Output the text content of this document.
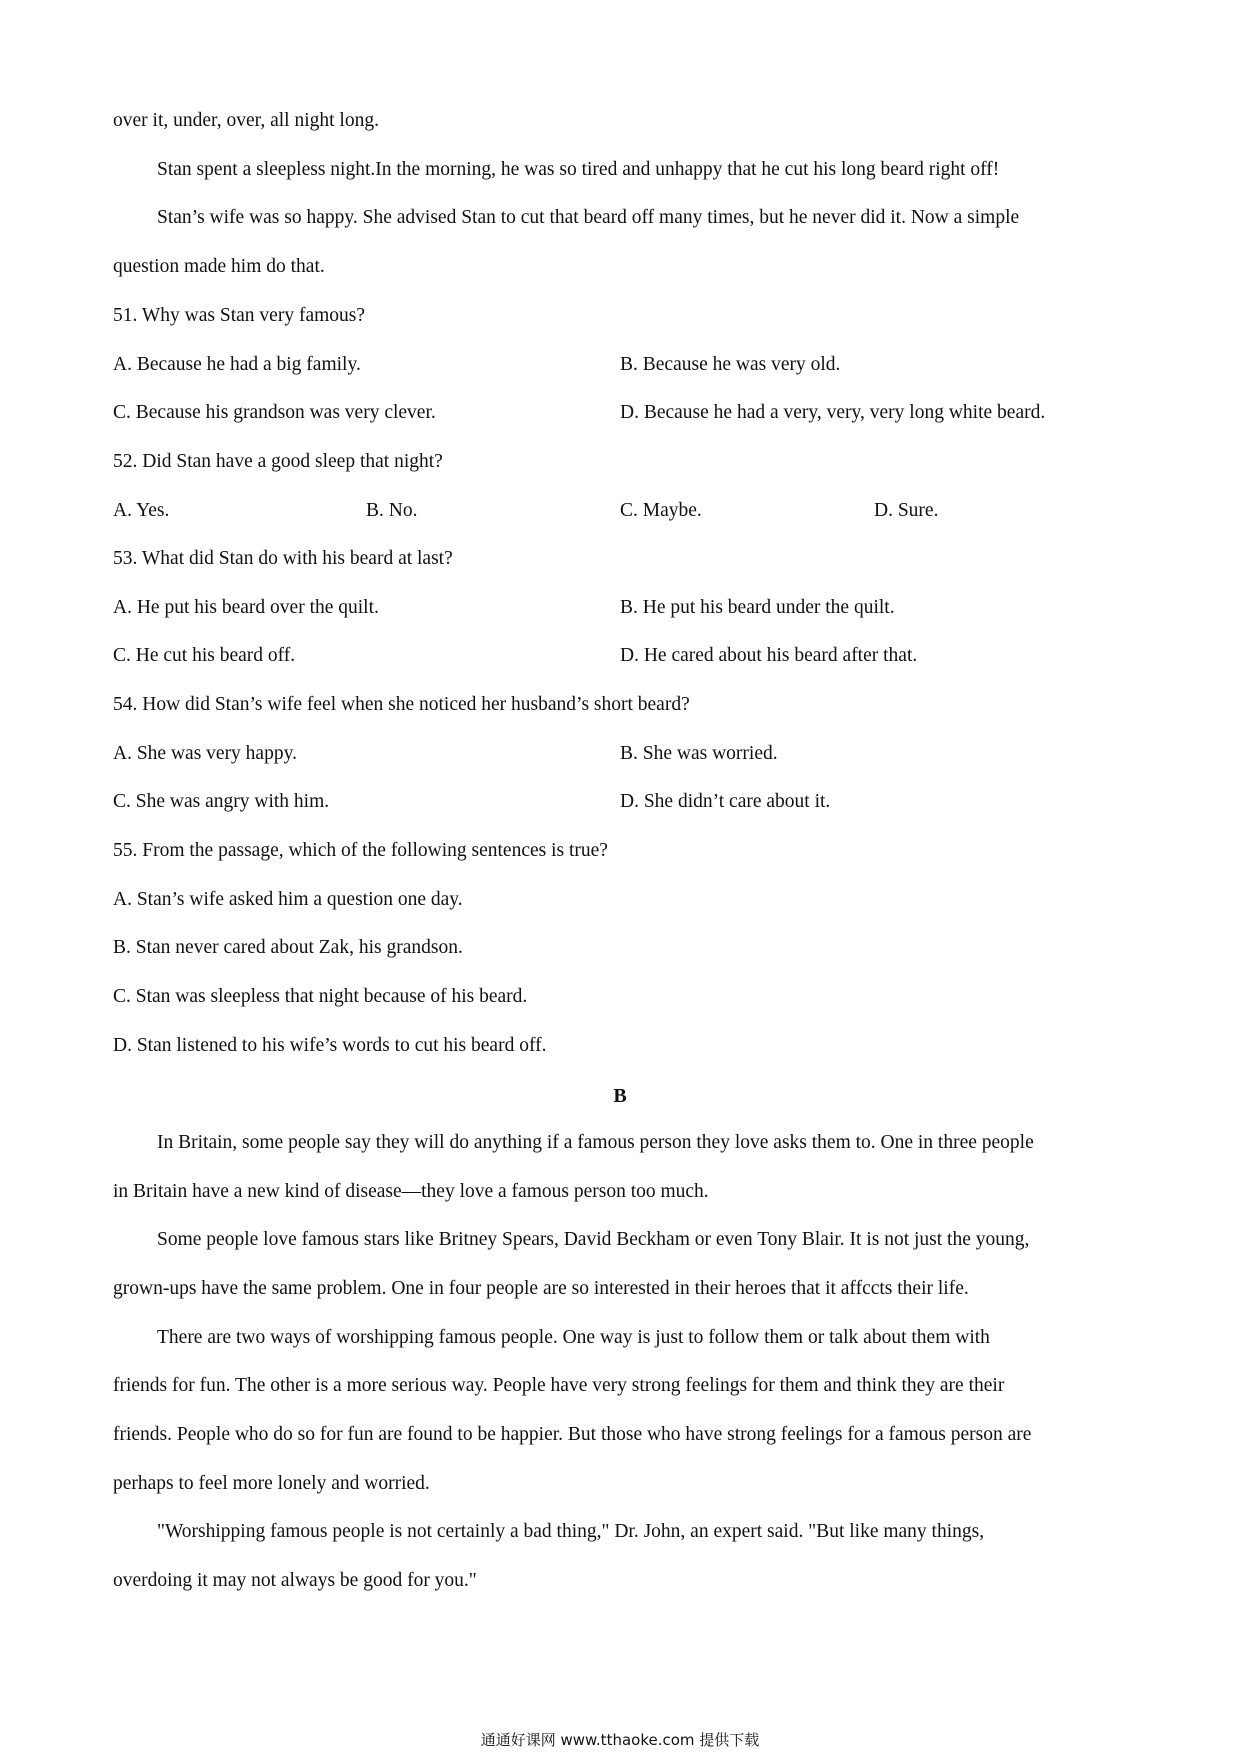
over it, under, over, all night long.
Stan spent a sleepless night.In the morning, he was so tired and unhappy that he cut his long beard right off!
Stan’s wife was so happy. She advised Stan to cut that beard off many times, but he never did it. Now a simple
question made him do that.
51. Why was Stan very famous?
A. Because he had a big family.	B. Because he was very old.
C. Because his grandson was very clever.	D. Because he had a very, very, very long white beard.
52. Did Stan have a good sleep that night?
A. Yes.	B. No.	C. Maybe.	D. Sure.
53. What did Stan do with his beard at last?
A. He put his beard over the quilt.	B. He put his beard under the quilt.
C. He cut his beard off.	D. He cared about his beard after that.
54. How did Stan’s wife feel when she noticed her husband’s short beard?
A. She was very happy.	B. She was worried.
C. She was angry with him.	D. She didn’t care about it.
55. From the passage, which of the following sentences is true?
A. Stan’s wife asked him a question one day.
B. Stan never cared about Zak, his grandson.
C. Stan was sleepless that night because of his beard.
D. Stan listened to his wife’s words to cut his beard off.
B
In Britain, some people say they will do anything if a famous person they love asks them to. One in three people
in Britain have a new kind of disease—they love a famous person too much.
Some people love famous stars like Britney Spears, David Beckham or even Tony Blair. It is not just the young,
grown-ups have the same problem. One in four people are so interested in their heroes that it affccts their life.
There are two ways of worshipping famous people. One way is just to follow them or talk about them with
friends for fun. The other is a more serious way. People have very strong feelings for them and think they are their
friends. People who do so for fun are found to be happier. But those who have strong feelings for a famous person are
perhaps to feel more lonely and worried.
"Worshipping famous people is not certainly a bad thing," Dr. John, an expert said. "But like many things,
overdoing it may not always be good for you."
通通好课网 www.tthaoke.com 提供下载
